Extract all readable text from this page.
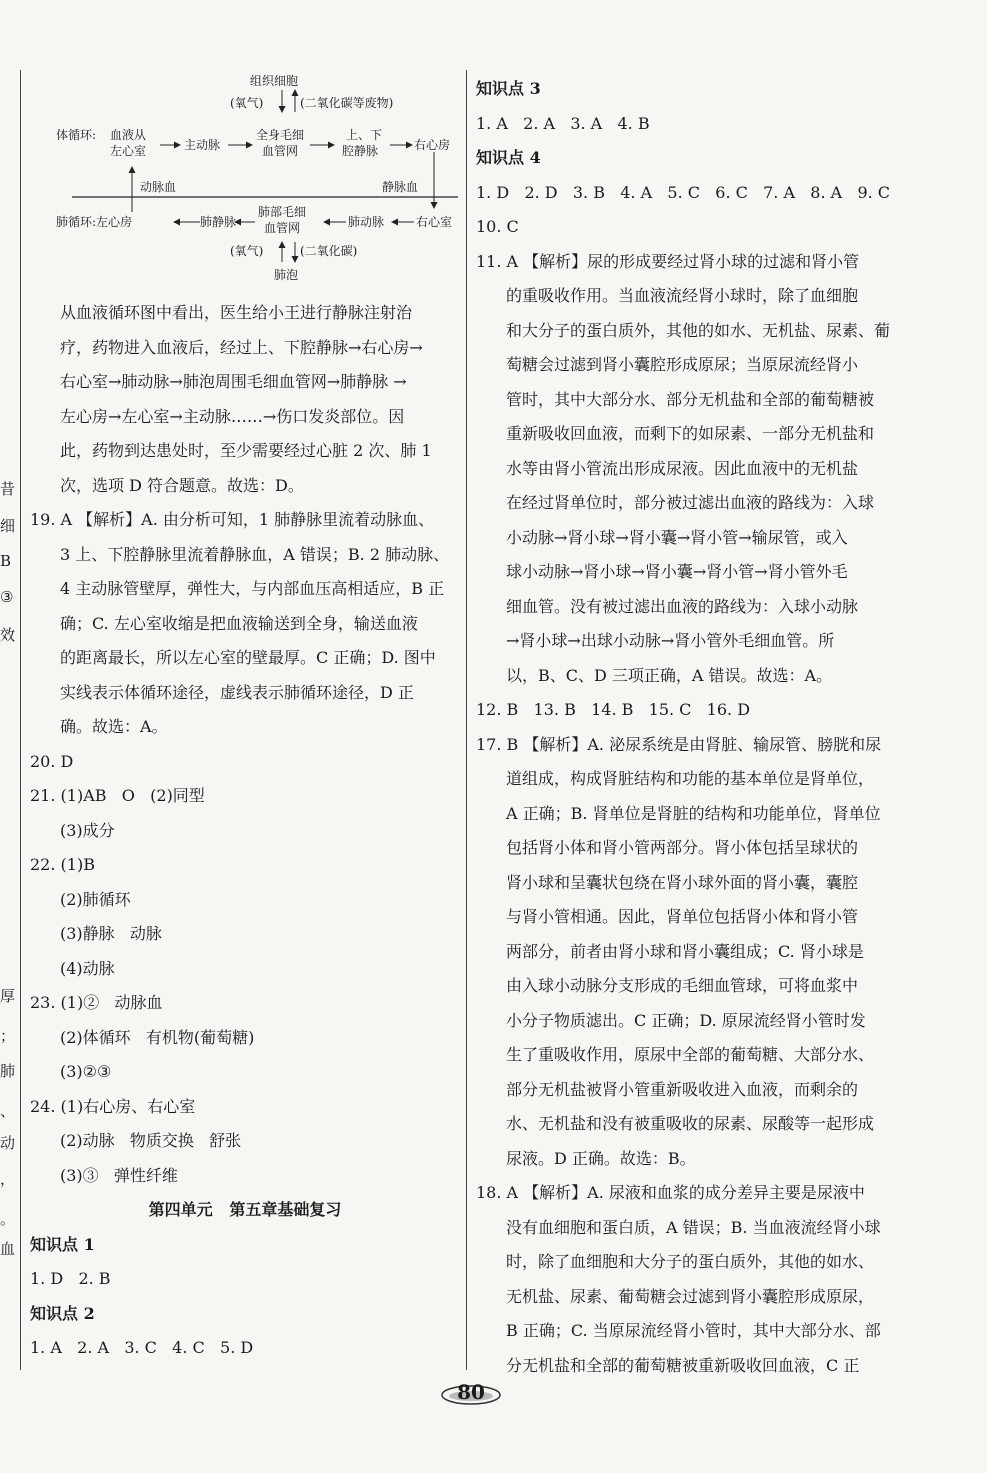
昔
细
B
③
效
厚
；
肺
、
动
，
。
血
组织细胞
(氧气)	(二氧化碳等废物)
体循环: 血液从
左心室	主动脉
全身毛细
血管网
上、下
腔静脉	右心房
动脉血	静脉血
肺循环:左心房	肺静脉
肺部毛细
血管网	肺动脉	右心室
(氧气)	(二氧化碳)
肺泡

从血液循环图中看出，医生给小王进行静脉注射治

疗，药物进入血液后，经过上、下腔静脉→右心房→

右心室→肺动脉→肺泡周围毛细血管网→肺静脉 →

左心房→左心室→主动脉……→伤口发炎部位。因

此，药物到达患处时，至少需要经过心脏 2 次、肺 1

次，选项 D 符合题意。故选：D。

19. A 【解析】A. 由分析可知，1 肺静脉里流着动脉血、

3 上、下腔静脉里流着静脉血，A 错误；B. 2 肺动脉、

4 主动脉管壁厚，弹性大，与内部血压高相适应，B 正

确；C. 左心室收缩是把血液输送到全身，输送血液

的距离最长，所以左心室的壁最厚。C 正确；D. 图中

实线表示体循环途径，虚线表示肺循环途径，D 正

确。故选：A。

20. D

21. (1)AB   O   (2)同型

(3)成分

22. (1)B

(2)肺循环

(3)静脉   动脉

(4)动脉

23. (1)②   动脉血

(2)体循环   有机物(葡萄糖)

(3)②③

24. (1)右心房、右心室

(2)动脉   物质交换   舒张

(3)③   弹性纤维

第四单元   第五章基础复习

知识点 1

1. D   2. B

知识点 2

1. A   2. A   3. C   4. C   5. D

知识点 3

1. A   2. A   3. A   4. B

知识点 4

1. D   2. D   3. B   4. A   5. C   6. C   7. A   8. A   9. C

10. C

11. A 【解析】尿的形成要经过肾小球的过滤和肾小管

的重吸收作用。当血液流经肾小球时，除了血细胞

和大分子的蛋白质外，其他的如水、无机盐、尿素、葡

萄糖会过滤到肾小囊腔形成原尿；当原尿流经肾小

管时，其中大部分水、部分无机盐和全部的葡萄糖被

重新吸收回血液，而剩下的如尿素、一部分无机盐和

水等由肾小管流出形成尿液。因此血液中的无机盐

在经过肾单位时，部分被过滤出血液的路线为：入球

小动脉→肾小球→肾小囊→肾小管→输尿管，或入

球小动脉→肾小球→肾小囊→肾小管→肾小管外毛

细血管。没有被过滤出血液的路线为：入球小动脉

→肾小球→出球小动脉→肾小管外毛细血管。所

以，B、C、D 三项正确，A 错误。故选：A。

12. B   13. B   14. B   15. C   16. D

17. B 【解析】A. 泌尿系统是由肾脏、输尿管、膀胱和尿

道组成，构成肾脏结构和功能的基本单位是肾单位，

A 正确；B. 肾单位是肾脏的结构和功能单位，肾单位

包括肾小体和肾小管两部分。肾小体包括呈球状的

肾小球和呈囊状包绕在肾小球外面的肾小囊，囊腔

与肾小管相通。因此，肾单位包括肾小体和肾小管

两部分，前者由肾小球和肾小囊组成；C. 肾小球是

由入球小动脉分支形成的毛细血管球，可将血浆中

小分子物质滤出。C 正确；D. 原尿流经肾小管时发

生了重吸收作用，原尿中全部的葡萄糖、大部分水、

部分无机盐被肾小管重新吸收进入血液，而剩余的

水、无机盐和没有被重吸收的尿素、尿酸等一起形成

尿液。D 正确。故选：B。

18. A 【解析】A. 尿液和血浆的成分差异主要是尿液中

没有血细胞和蛋白质，A 错误；B. 当血液流经肾小球

时，除了血细胞和大分子的蛋白质外，其他的如水、

无机盐、尿素、葡萄糖会过滤到肾小囊腔形成原尿，

B 正确；C. 当原尿流经肾小管时，其中大部分水、部

分无机盐和全部的葡萄糖被重新吸收回血液，C 正

80
